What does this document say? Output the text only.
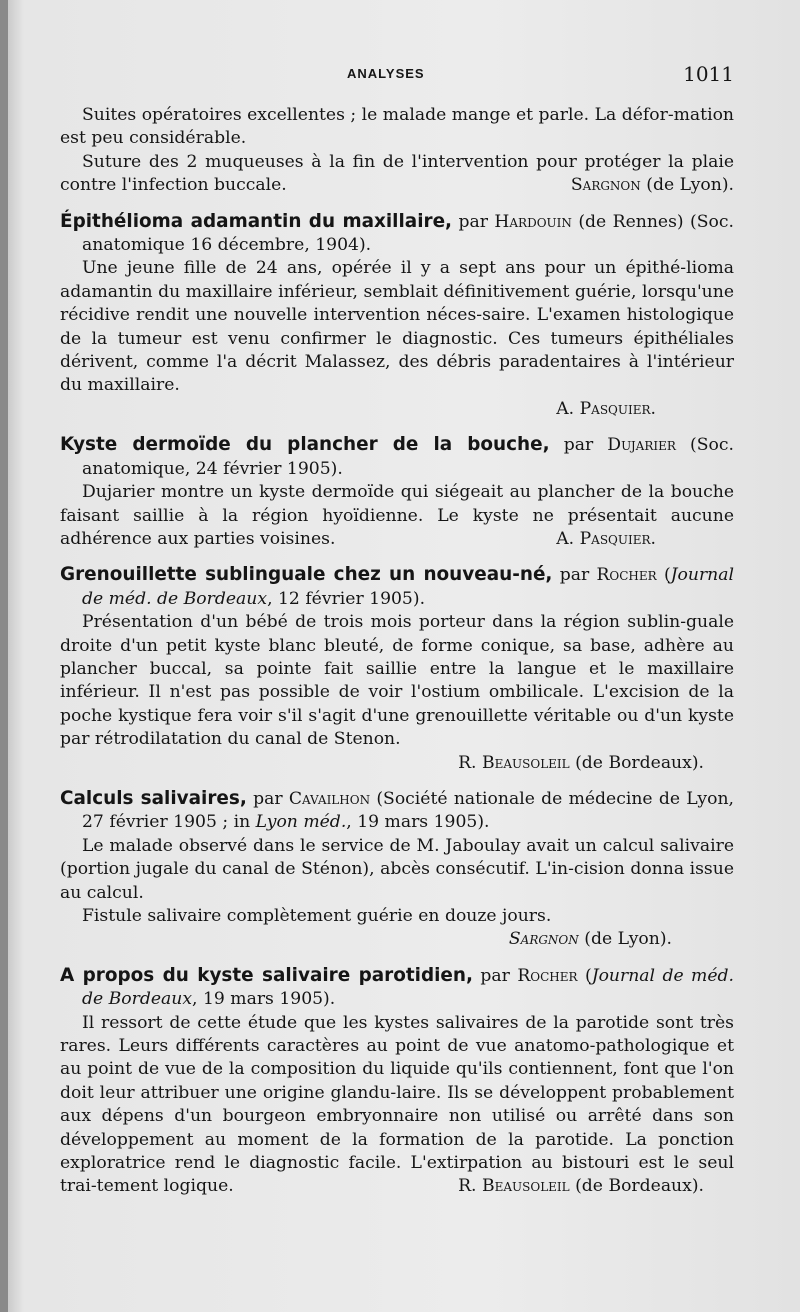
ANALYSES	1011

Suites opératoires excellentes ; le malade mange et parle. La défor-mation est peu considérable.

Suture des 2 muqueuses à la fin de l'intervention pour protéger la plaie contre l'infection buccale.	Sargnon (de Lyon).

Épithélioma adamantin du maxillaire, par Hardouin (de Rennes) (Soc. anatomique 16 décembre, 1904).

Une jeune fille de 24 ans, opérée il y a sept ans pour un épithé-lioma adamantin du maxillaire inférieur, semblait définitivement guérie, lorsqu'une récidive rendit une nouvelle intervention néces-saire. L'examen histologique de la tumeur est venu confirmer le diagnostic. Ces tumeurs épithéliales dérivent, comme l'a décrit Malassez, des débris paradentaires à l'intérieur du maxillaire.

A. Pasquier.

Kyste dermoïde du plancher de la bouche, par Dujarier (Soc. anatomique, 24 février 1905).

Dujarier montre un kyste dermoïde qui siégeait au plancher de la bouche faisant saillie à la région hyoïdienne. Le kyste ne présentait aucune adhérence aux parties voisines.	A. Pasquier.

Grenouillette sublinguale chez un nouveau-né, par Rocher (Journal de méd. de Bordeaux, 12 février 1905).

Présentation d'un bébé de trois mois porteur dans la région sublin-guale droite d'un petit kyste blanc bleuté, de forme conique, sa base, adhère au plancher buccal, sa pointe fait saillie entre la langue et le maxillaire inférieur. Il n'est pas possible de voir l'ostium ombilicale. L'excision de la poche kystique fera voir s'il s'agit d'une grenouillette véritable ou d'un kyste par rétrodilatation du canal de Stenon.

R. Beausoleil (de Bordeaux).

Calculs salivaires, par Cavailhon (Société nationale de médecine de Lyon, 27 février 1905 ; in Lyon méd., 19 mars 1905).

Le malade observé dans le service de M. Jaboulay avait un calcul salivaire (portion jugale du canal de Sténon), abcès consécutif. L'in-cision donna issue au calcul.

Fistule salivaire complètement guérie en douze jours.

Sargnon (de Lyon).

A propos du kyste salivaire parotidien, par Rocher (Journal de méd. de Bordeaux, 19 mars 1905).

Il ressort de cette étude que les kystes salivaires de la parotide sont très rares. Leurs différents caractères au point de vue anatomo-pathologique et au point de vue de la composition du liquide qu'ils contiennent, font que l'on doit leur attribuer une origine glandu-laire. Ils se développent probablement aux dépens d'un bourgeon embryonnaire non utilisé ou arrêté dans son développement au moment de la formation de la parotide. La ponction exploratrice rend le diagnostic facile. L'extirpation au bistouri est le seul trai-tement logique.	R. Beausoleil (de Bordeaux).
